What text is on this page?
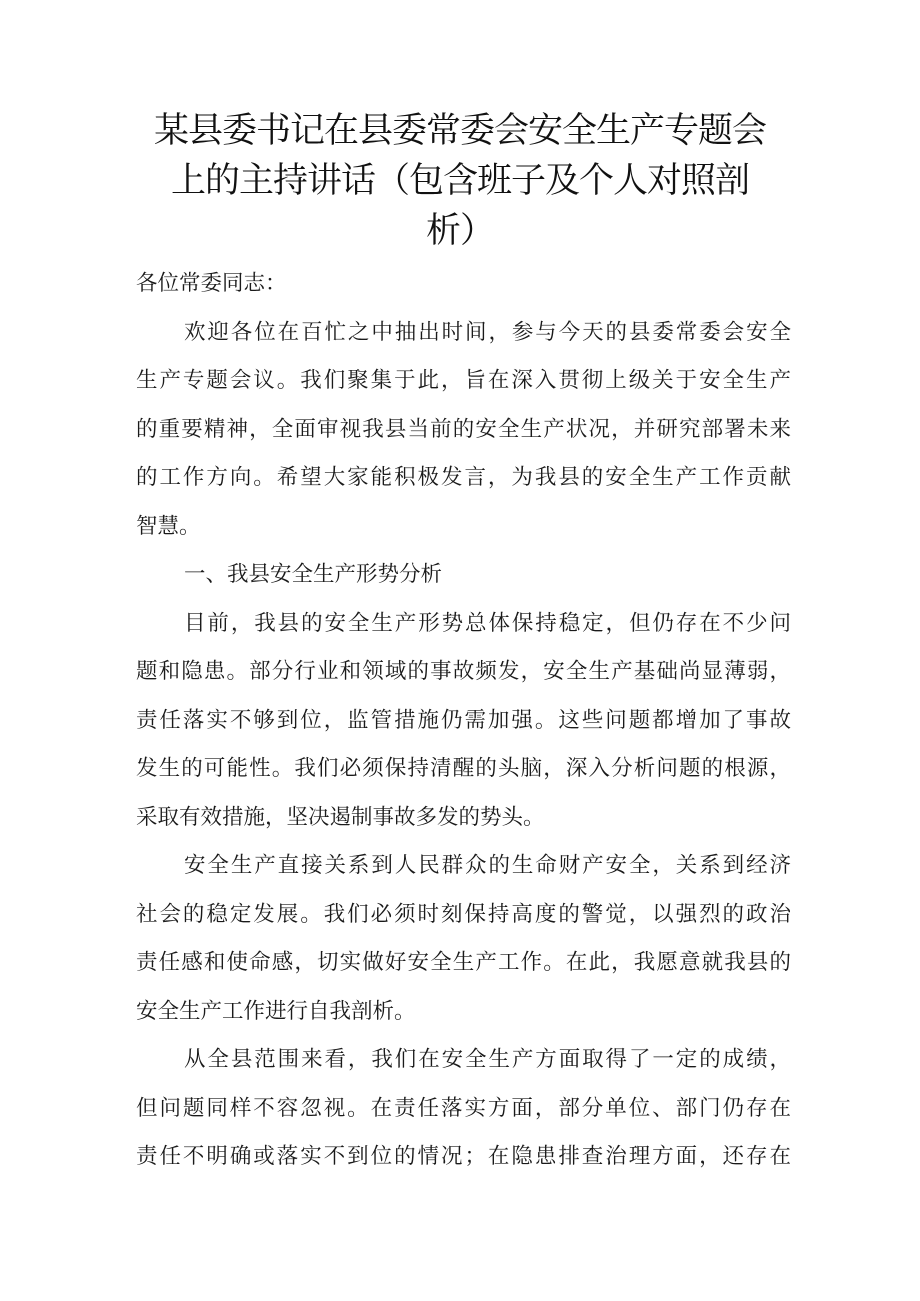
某县委书记在县委常委会安全生产专题会
上的主持讲话（包含班子及个人对照剖
析）
各位常委同志：
欢迎各位在百忙之中抽出时间，参与今天的县委常委会安全
生产专题会议。我们聚集于此，旨在深入贯彻上级关于安全生产
的重要精神，全面审视我县当前的安全生产状况，并研究部署未来
的工作方向。希望大家能积极发言，为我县的安全生产工作贡献
智慧。
一、我县安全生产形势分析
目前，我县的安全生产形势总体保持稳定，但仍存在不少问
题和隐患。部分行业和领域的事故频发，安全生产基础尚显薄弱，
责任落实不够到位，监管措施仍需加强。这些问题都增加了事故
发生的可能性。我们必须保持清醒的头脑，深入分析问题的根源，
采取有效措施，坚决遏制事故多发的势头。
安全生产直接关系到人民群众的生命财产安全，关系到经济
社会的稳定发展。我们必须时刻保持高度的警觉，以强烈的政治
责任感和使命感，切实做好安全生产工作。在此，我愿意就我县的
安全生产工作进行自我剖析。
从全县范围来看，我们在安全生产方面取得了一定的成绩，
但问题同样不容忽视。在责任落实方面，部分单位、部门仍存在
责任不明确或落实不到位的情况；在隐患排查治理方面，还存在
